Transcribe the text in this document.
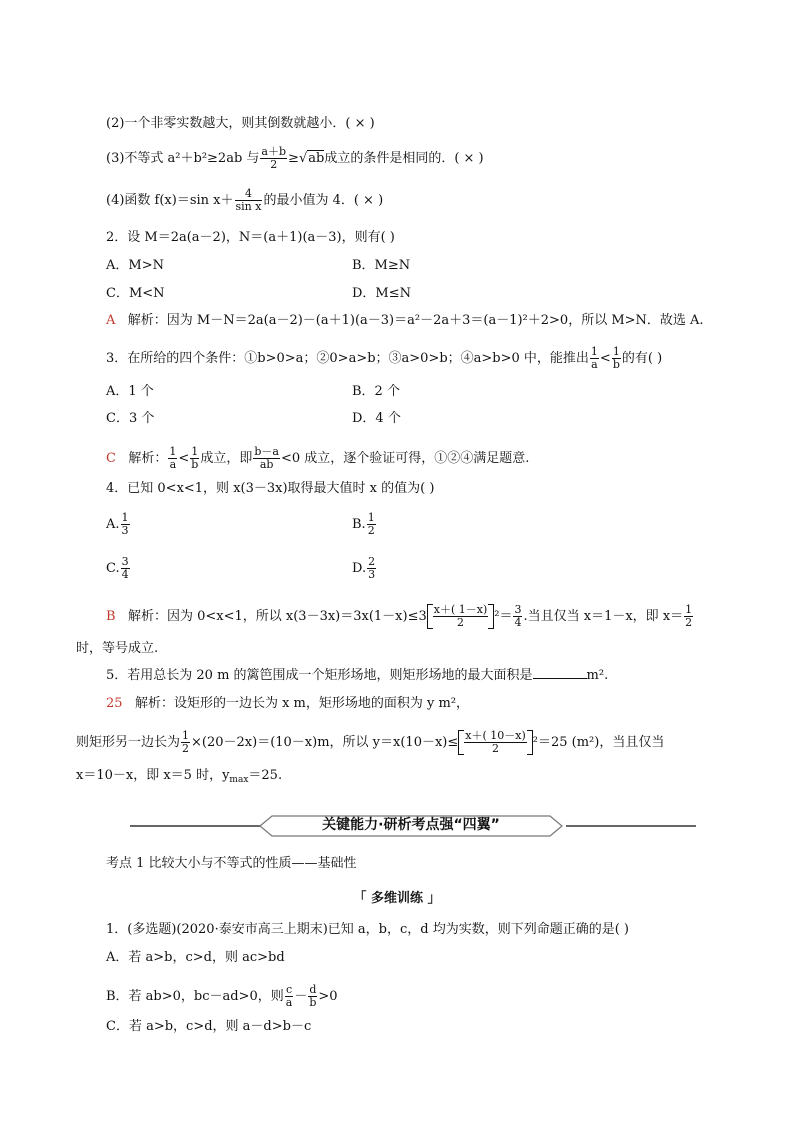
(2)一个非零实数越大，则其倒数就越小．( × )
(3)不等式 a²＋b²≥2ab 与 $\frac{a+b}{2} \ge√ab$成立的条件是相同的．( × )
(4)函数 f(x)＝sin $x+ \frac{4}{\text{sin x}}$ 的最小值为 4．( × )
2．设 M＝2a(a－2)，N＝(a＋1)(a－3)，则有( )
A．M>N	B．M≥N
C．M<N	D．M≤N
A 解析：因为 M－N＝2a(a－2)－(a＋1)(a－3)＝a²－2a＋3＝(a－1)²＋2>0，所以 M>N．故选 A.
3．在所给的四个条件：①b>0>a；②0>a>b；③a>0>b；④a>b>0 中，能推出 $\frac{1}{a} < \frac{1}{b}$ 的有( )
A．1 个	B．2 个
C．3 个	D．4 个
C 解析： $\frac{1}{a} < \frac{1}{b}$ 成立，即 $\frac{b-a}{ab} <0$ 成立，逐个验证可得，①②④满足题意.
4．已知 0<x<1，则 x(3－3x)取得最大值时 x 的值为( )
A. $\frac{1}{3}$	B. $\frac{1}{2}$
C. $\frac{3}{4}$	D. $\frac{2}{3}$
B 解析：因为 0<x<1，所以 $x(3-3x)=3x(1-x)\le 3 \frac{x+( 1-x)}{2} ^2= \frac{3}{4}$ .当且仅当 x＝1－x，即 $x= \frac{1}{2}$
时，等号成立.
5．若用总长为 20 m 的篱笆围成一个矩形场地，则矩形场地的最大面积是	m².
25 解析：设矩形的一边长为 x m，矩形场地的面积为 y m²，
则矩形另一边长为 $\frac{1}{2} \times(20-2x)=(10-x)m$，所以 $y=x(10-x)\le \frac{x+( 10-x)}{2} ^2=25$ (m²)，当且仅当
x＝10－x，即 x＝5 时，$y_{max}=25$.
关键能力·研析考点强“四翼”
考点 1 比较大小与不等式的性质——基础性
「 多维训练 」
1．(多选题)(2020·泰安市高三上期末)已知 a，b，c，d 均为实数，则下列命题正确的是( )
A．若 a>b，c>d，则 ac>bd
B．若 ab>0，bc－ad>0，则 $\frac{c}{a} - \frac{d}{b} >0$
C．若 a>b，c>d，则 a－d>b－c
